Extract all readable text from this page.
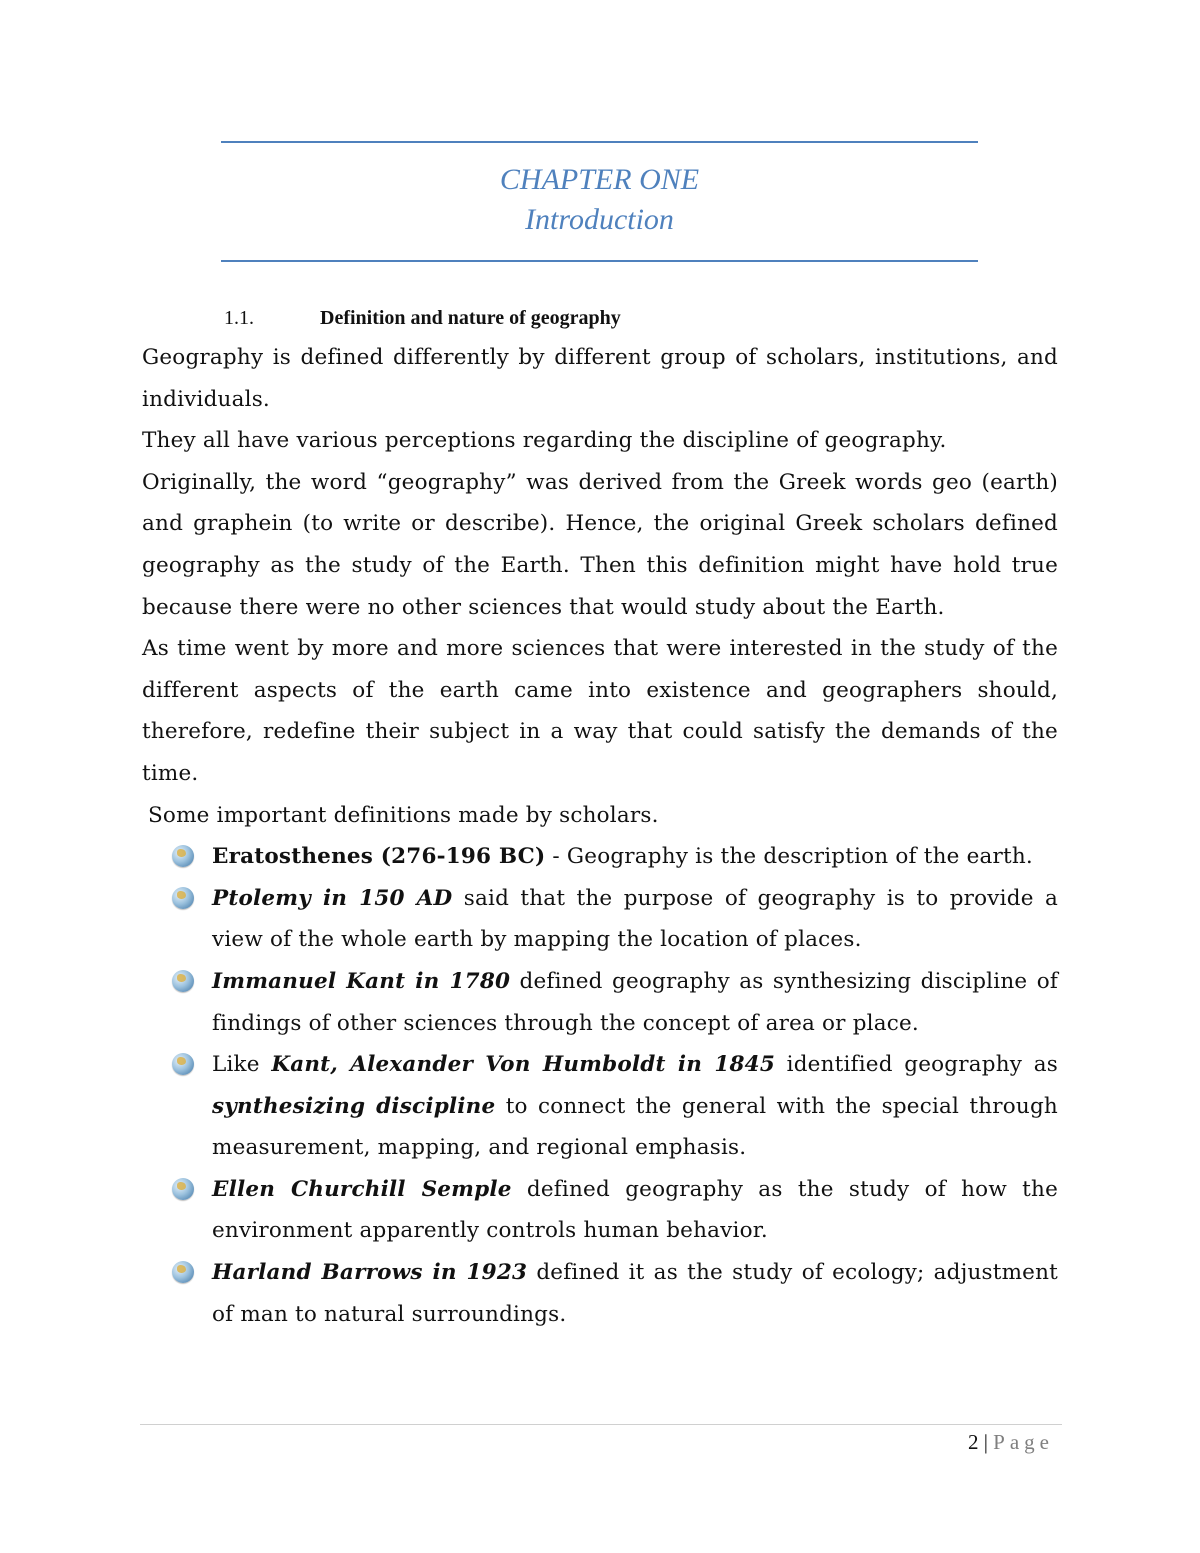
CHAPTER ONE
Introduction
1.1.	Definition and nature of geography

Geography is defined differently by different group of scholars, institutions, and individuals.

They all have various perceptions regarding the discipline of geography.

Originally, the word “geography” was derived from the Greek words geo (earth) and graphein (to write or describe). Hence, the original Greek scholars defined geography as the study of the Earth. Then this definition might have hold true because there were no other sciences that would study about the Earth.

As time went by more and more sciences that were interested in the study of the different aspects of the earth came into existence and geographers should, therefore, redefine their subject in a way that could satisfy the demands of the time.

Some important definitions made by scholars.

Eratosthenes (276-196 BC) - Geography is the description of the earth.
Ptolemy in 150 AD said that the purpose of geography is to provide a view of the whole earth by mapping the location of places.
Immanuel Kant in 1780 defined geography as synthesizing discipline of findings of other sciences through the concept of area or place.
Like Kant, Alexander Von Humboldt in 1845 identified geography as synthesizing discipline to connect the general with the special through measurement, mapping, and regional emphasis.
Ellen Churchill Semple defined geography as the study of how the environment apparently controls human behavior.
Harland Barrows in 1923 defined it as the study of ecology; adjustment of man to natural surroundings.
2 | Page
